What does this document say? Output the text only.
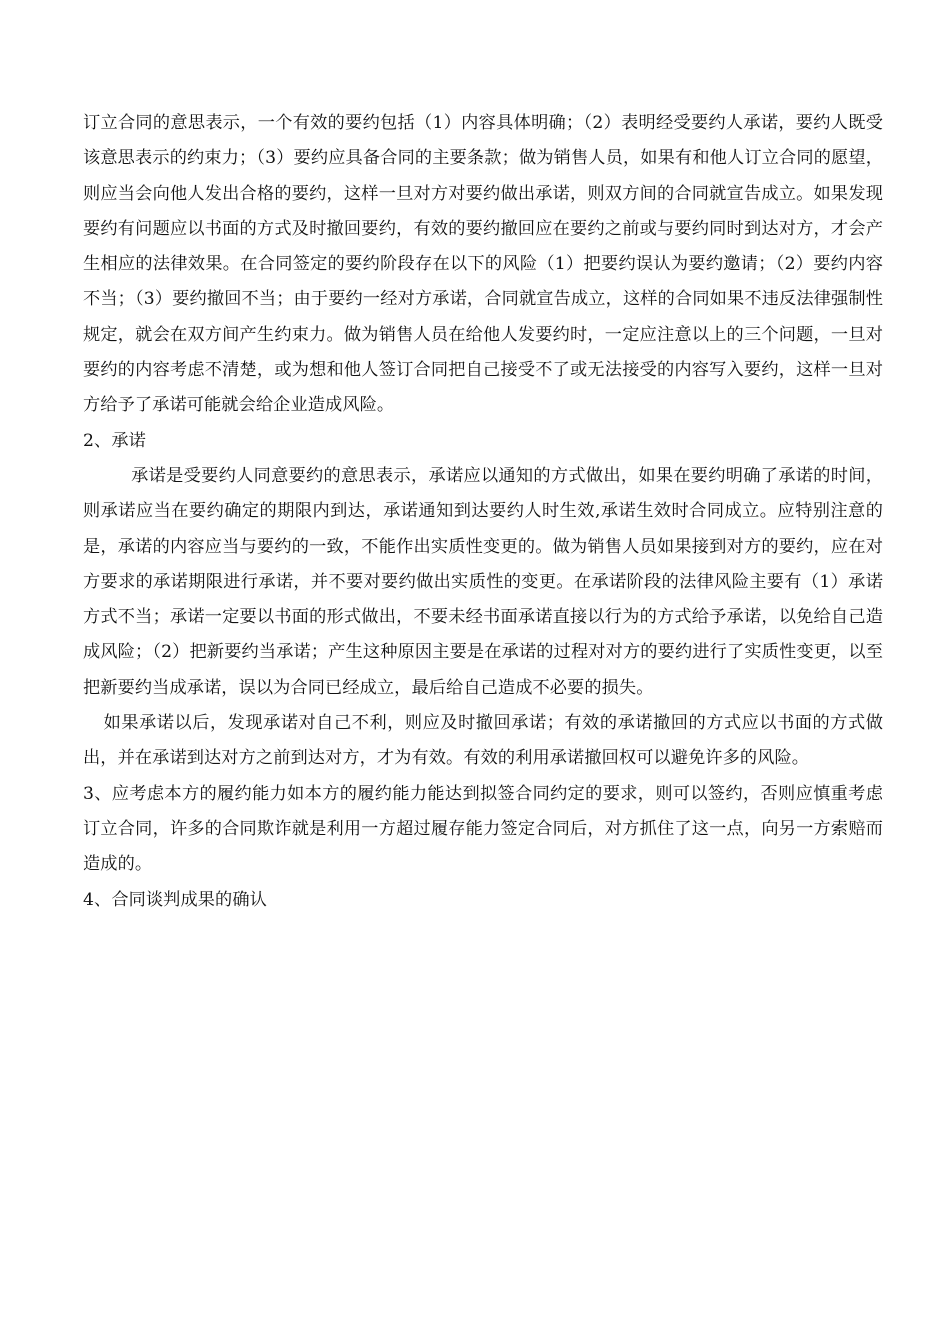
订立合同的意思表示，一个有效的要约包括（1）内容具体明确；（2）表明经受要约人承诺，要约人既受该意思表示的约束力；（3）要约应具备合同的主要条款；做为销售人员，如果有和他人订立合同的愿望，则应当会向他人发出合格的要约，这样一旦对方对要约做出承诺，则双方间的合同就宣告成立。如果发现要约有问题应以书面的方式及时撤回要约，有效的要约撤回应在要约之前或与要约同时到达对方，才会产生相应的法律效果。在合同签定的要约阶段存在以下的风险（1）把要约误认为要约邀请；（2）要约内容不当；（3）要约撤回不当；由于要约一经对方承诺，合同就宣告成立，这样的合同如果不违反法律强制性规定，就会在双方间产生约束力。做为销售人员在给他人发要约时，一定应注意以上的三个问题，一旦对要约的内容考虑不清楚，或为想和他人签订合同把自己接受不了或无法接受的内容写入要约，这样一旦对方给予了承诺可能就会给企业造成风险。

2、承诺

承诺是受要约人同意要约的意思表示，承诺应以通知的方式做出，如果在要约明确了承诺的时间，则承诺应当在要约确定的期限内到达，承诺通知到达要约人时生效,承诺生效时合同成立。应特别注意的是，承诺的内容应当与要约的一致，不能作出实质性变更的。做为销售人员如果接到对方的要约，应在对方要求的承诺期限进行承诺，并不要对要约做出实质性的变更。在承诺阶段的法律风险主要有（1）承诺方式不当；承诺一定要以书面的形式做出，不要未经书面承诺直接以行为的方式给予承诺，以免给自己造成风险；（2）把新要约当承诺；产生这种原因主要是在承诺的过程对对方的要约进行了实质性变更，以至把新要约当成承诺，误以为合同已经成立，最后给自己造成不必要的损失。

如果承诺以后，发现承诺对自己不利，则应及时撤回承诺；有效的承诺撤回的方式应以书面的方式做出，并在承诺到达对方之前到达对方，才为有效。有效的利用承诺撤回权可以避免许多的风险。

3、应考虑本方的履约能力如本方的履约能力能达到拟签合同约定的要求，则可以签约，否则应慎重考虑订立合同，许多的合同欺诈就是利用一方超过履存能力签定合同后，对方抓住了这一点，向另一方索赔而造成的。

4、合同谈判成果的确认
